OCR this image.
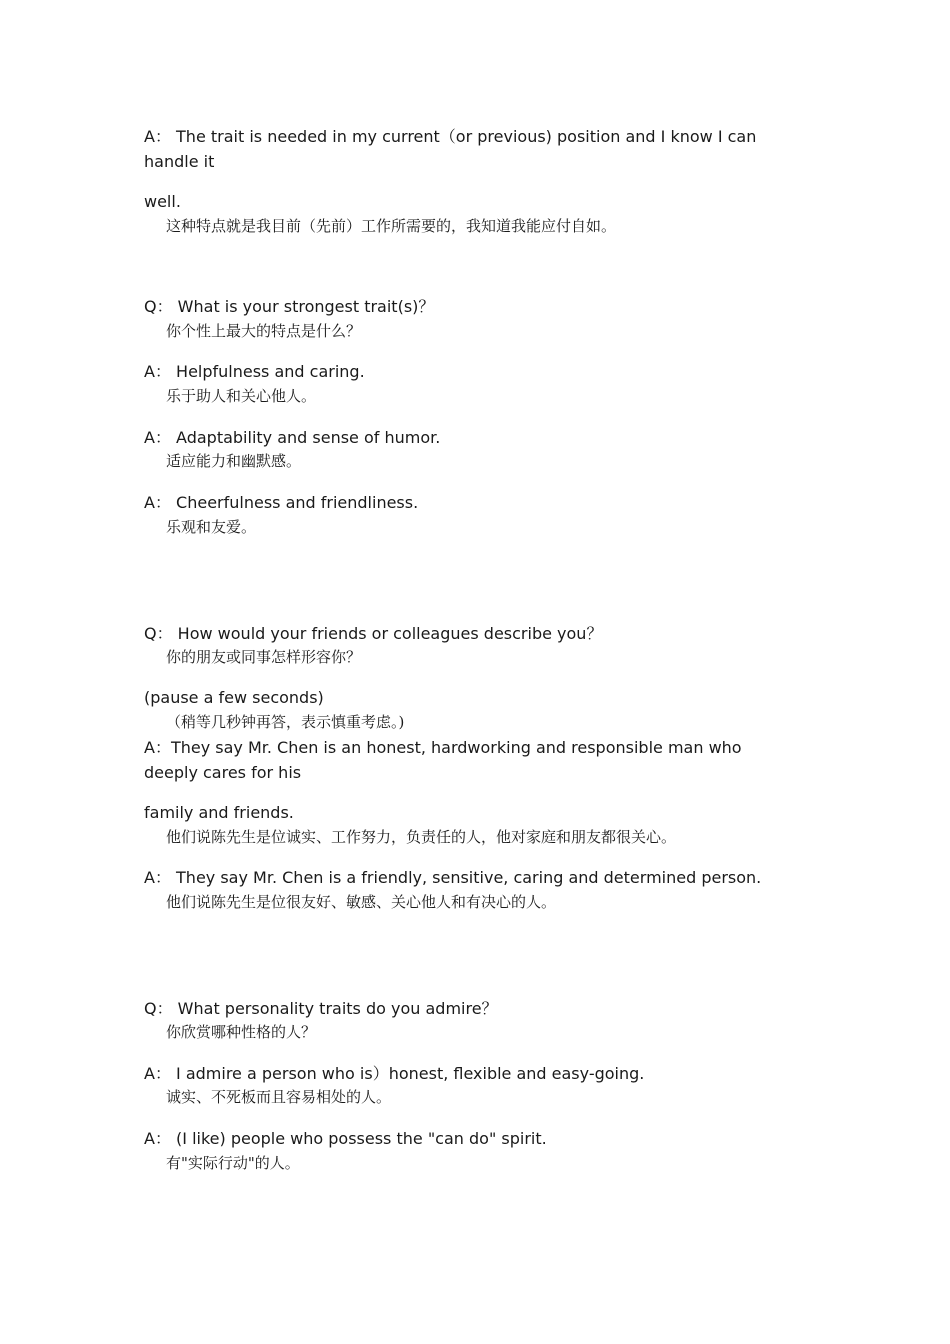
A： The trait is needed in my current（or previous) position and I know I can
handle it
well.
这种特点就是我目前（先前）工作所需要的，我知道我能应付自如。
Q： What is your strongest trait(s)？
你个性上最大的特点是什么？
A： Helpfulness and caring.
乐于助人和关心他人。
A： Adaptability and sense of humor.
适应能力和幽默感。
A： Cheerfulness and friendliness.
乐观和友爱。
Q： How would your friends or colleagues describe you？
你的朋友或同事怎样形容你？
(pause a few seconds)
（稍等几秒钟再答，表示慎重考虑。)
A：They say Mr. Chen is an honest, hardworking and responsible man who
deeply cares for his
family and friends.
他们说陈先生是位诚实、工作努力，负责任的人，他对家庭和朋友都很关心。
A： They say Mr. Chen is a friendly, sensitive, caring and determined person.
他们说陈先生是位很友好、敏感、关心他人和有决心的人。
Q： What personality traits do you admire？
你欣赏哪种性格的人？
A： I admire a person who is）honest, flexible and easy-going.
诚实、不死板而且容易相处的人。
A： (I like) people who possess the "can do" spirit.
有"实际行动"的人。
